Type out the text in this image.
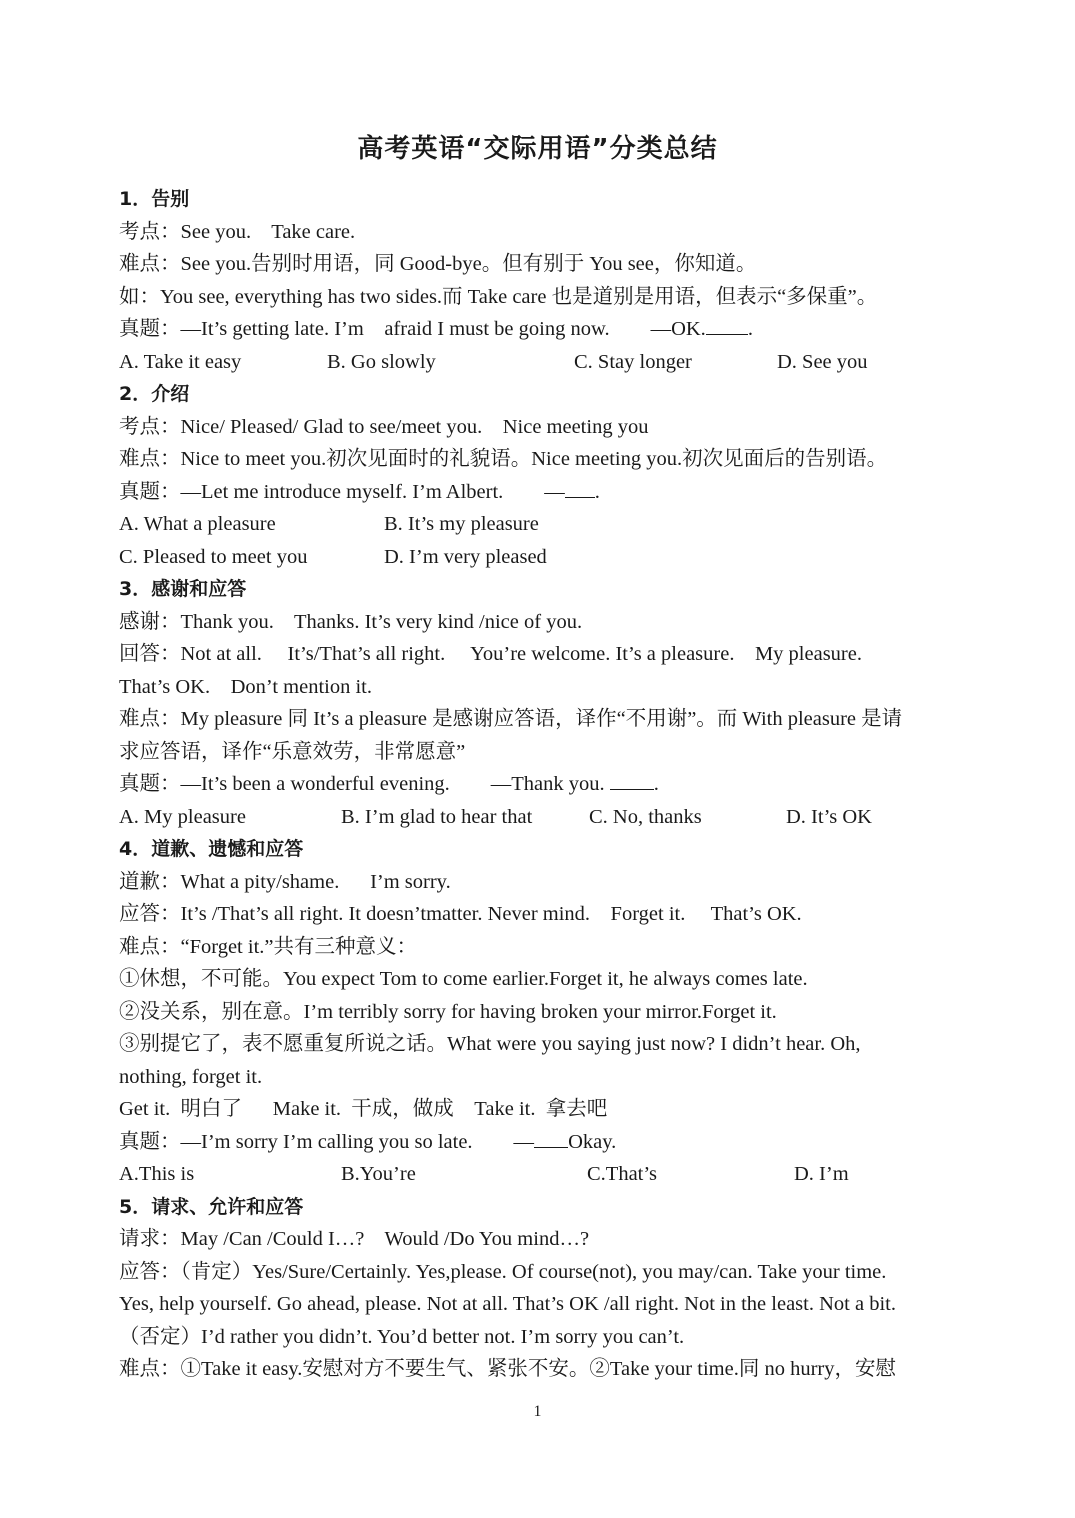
高考英语“交际用语”分类总结
1．告别
考点：See you.    Take care.
难点：See you.告别时用语，同 Good-bye。但有别于 You see，你知道。
如：You see, everything has two sides.而 Take care 也是道别是用语，但表示“多保重”。
真题：—It’s getting late. I’m    afraid I must be going now.        —OK. .
A. Take it easy	B. Go slowly	C. Stay longer	D. See you
2．介绍
考点：Nice/ Pleased/ Glad to see/meet you.    Nice meeting you
难点：Nice to meet you.初次见面时的礼貌语。Nice meeting you.初次见面后的告别语。
真题：—Let me introduce myself. I’m Albert.        — .
A. What a pleasure	B. It’s my pleasure
C. Pleased to meet you	D. I’m very pleased
3．感谢和应答
感谢：Thank you.    Thanks. It’s very kind /nice of you.
回答：Not at all.     It’s/That’s all right.     You’re welcome. It’s a pleasure.    My pleasure.
That’s OK.    Don’t mention it.
难点：My pleasure 同 It’s a pleasure 是感谢应答语，译作“不用谢”。而 With pleasure 是请
求应答语，译作“乐意效劳，非常愿意”
真题：—It’s been a wonderful evening.        —Thank you. .
A. My pleasure	B. I’m glad to hear that	C. No, thanks	D. It’s OK
4．道歉、遗憾和应答
道歉：What a pity/shame.      I’m sorry.
应答：It’s /That’s all right. It doesn’tmatter. Never mind.    Forget it.     That’s OK.
难点：“Forget it.”共有三种意义：
①休想，不可能。You expect Tom to come earlier.Forget it, he always comes late.
②没关系，别在意。I’m terribly sorry for having broken your mirror.Forget it.
③别提它了，表不愿重复所说之话。What were you saying just now? I didn’t hear. Oh,
nothing, forget it.
Get it.  明白了      Make it.  干成，做成    Take it.  拿去吧
真题：—I’m sorry I’m calling you so late.        — Okay.
A.This is	B.You’re	C.That’s	D. I’m
5．请求、允许和应答
请求：May /Can /Could I…?    Would /Do You mind…?
应答：（肯定）Yes/Sure/Certainly. Yes,please. Of course(not), you may/can. Take your time.
Yes, help yourself. Go ahead, please. Not at all. That’s OK /all right. Not in the least. Not a bit.
（否定）I’d rather you didn’t. You’d better not. I’m sorry you can’t.
难点：①Take it easy.安慰对方不要生气、紧张不安。②Take your time.同 no hurry，安慰
1
